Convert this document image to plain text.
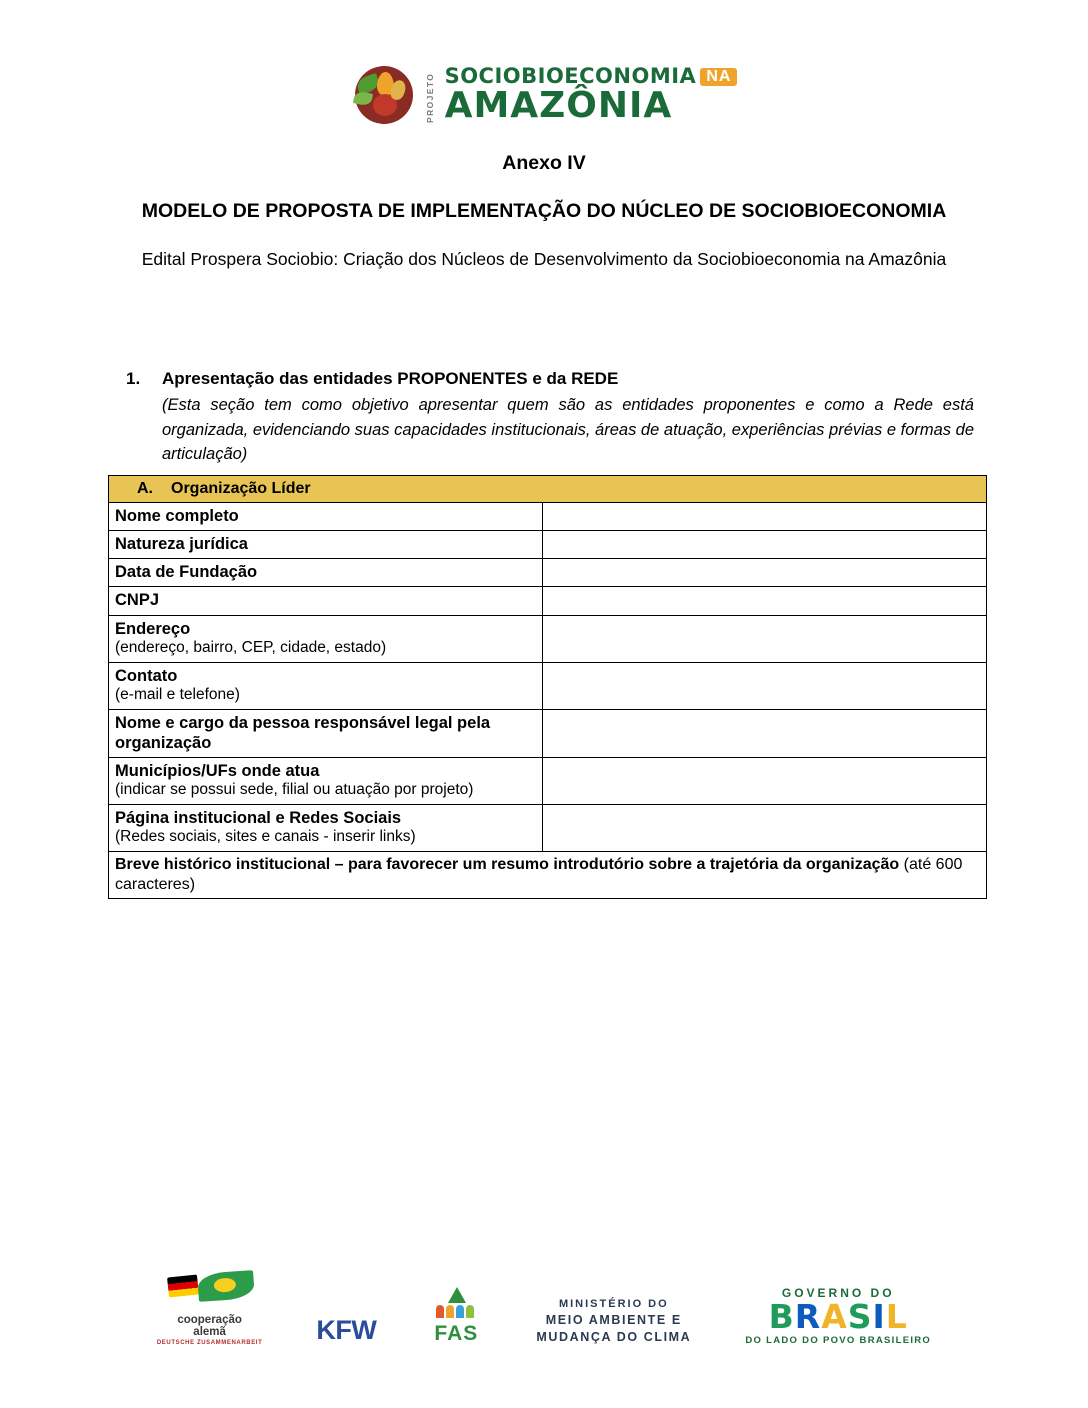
PROJETO SOCIOBIOECONOMIA NA
AMAZÔNIA
Anexo IV
MODELO DE PROPOSTA DE IMPLEMENTAÇÃO DO NÚCLEO DE SOCIOBIOECONOMIA
Edital Prospera Sociobio: Criação dos Núcleos de Desenvolvimento da Sociobioeconomia na Amazônia
1. Apresentação das entidades PROPONENTES e da REDE
(Esta seção tem como objetivo apresentar quem são as entidades proponentes e como a Rede está organizada, evidenciando suas capacidades institucionais, áreas de atuação, experiências prévias e formas de articulação)
A. Organização Líder	

Nome completo	

Natureza jurídica	

Data de Fundação	

CNPJ	

Endereço
(endereço, bairro, CEP, cidade, estado)	

Contato
(e-mail e telefone)	

Nome e cargo da pessoa responsável legal pela organização	

Municípios/UFs onde atua
(indicar se possui sede, filial ou atuação por projeto)	

Página institucional e Redes Sociais
(Redes sociais, sites e canais - inserir links)	

Breve histórico institucional – para favorecer um resumo introdutório sobre a trajetória da organização (até 600 caracteres)	
cooperação
alemã
DEUTSCHE ZUSAMMENARBEIT KFW	FAS
MINISTÉRIO DO
MEIO AMBIENTE E
MUDANÇA DO CLIMA
GOVERNO DO
BRASIL
DO LADO DO POVO BRASILEIRO
